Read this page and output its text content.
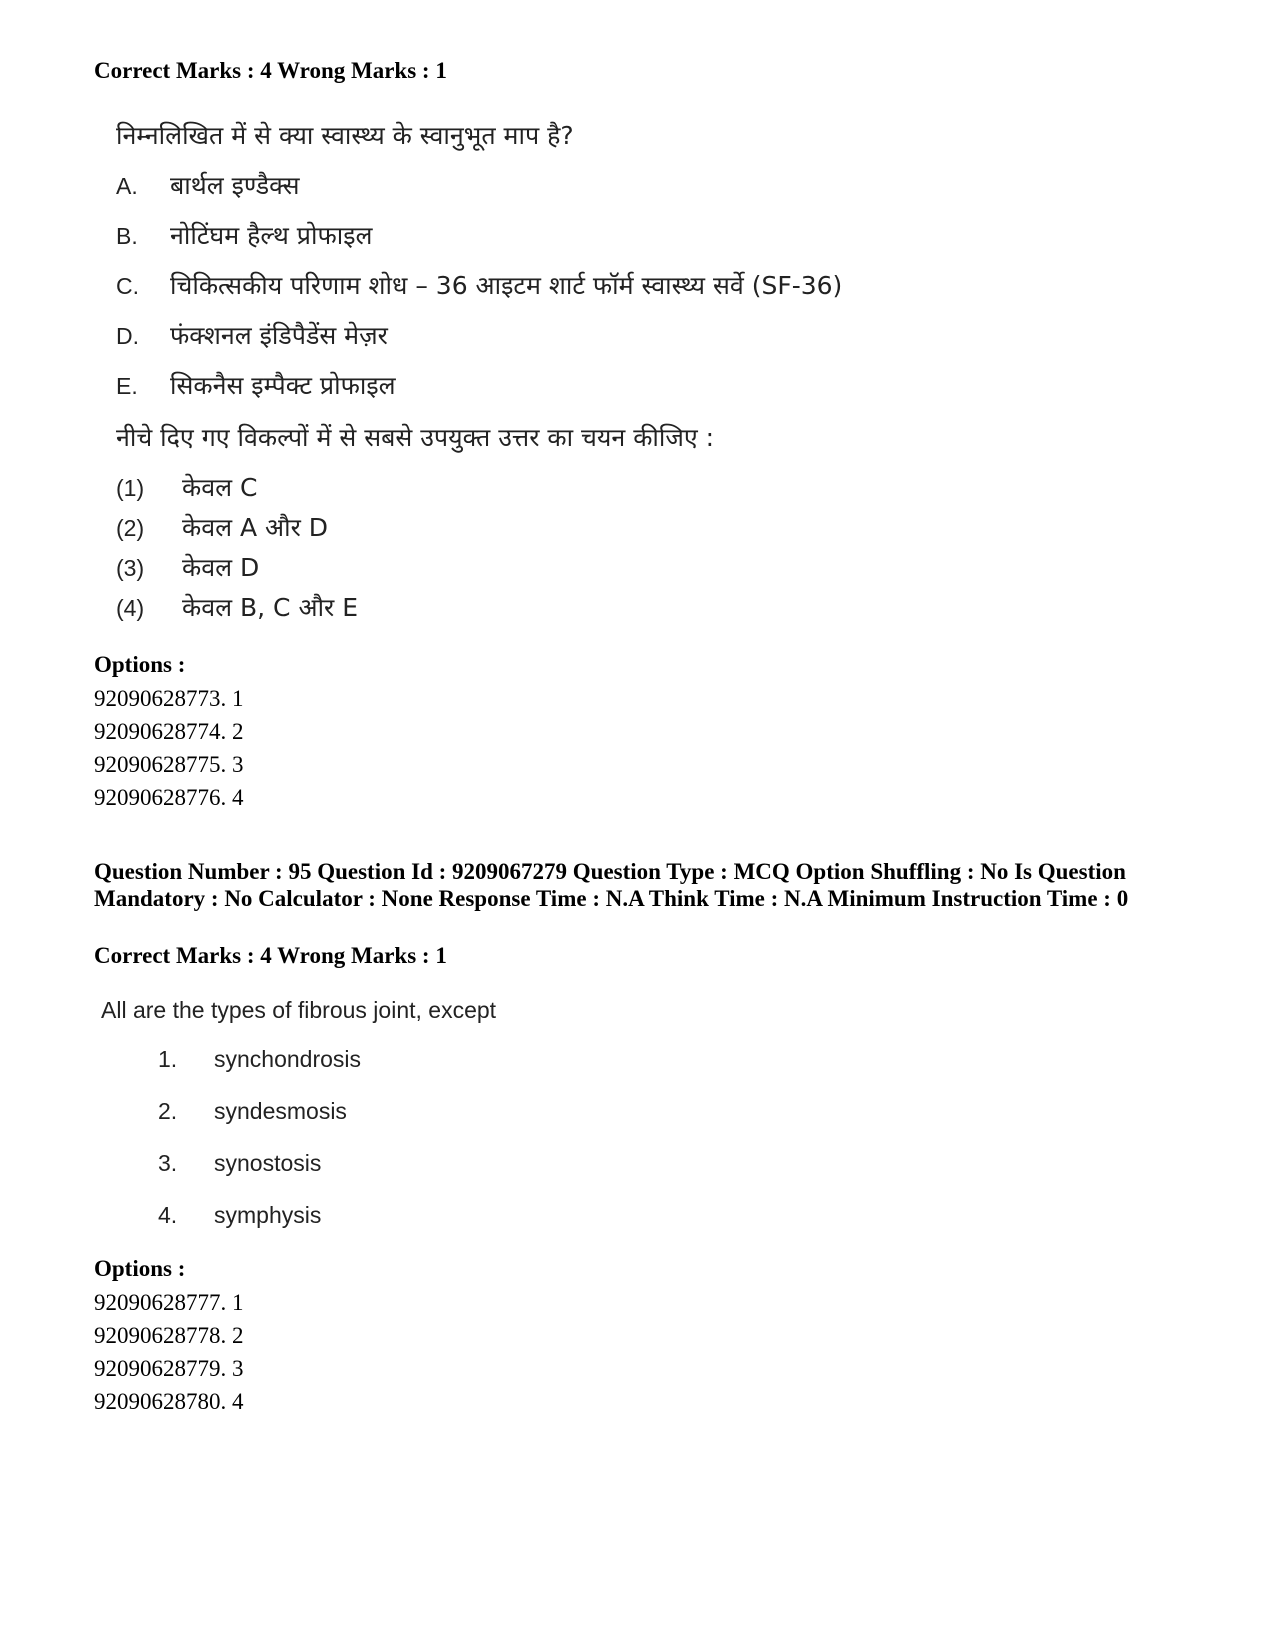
Correct Marks : 4 Wrong Marks : 1
निम्नलिखित में से क्या स्वास्थ्य के स्वानुभूत माप है?
A.	बार्थल इण्डैक्स
B.	नोटिंघम हैल्थ प्रोफाइल
C.	चिकित्सकीय परिणाम शोध – 36 आइटम शार्ट फॉर्म स्वास्थ्य सर्वे (SF-36)
D.	फंक्शनल इंडिपैडेंस मेज़र
E.	सिकनैस इम्पैक्ट प्रोफाइल
नीचे दिए गए विकल्पों में से सबसे उपयुक्त उत्तर का चयन कीजिए :
(1)	केवल C
(2)	केवल A और D
(3)	केवल D
(4)	केवल B, C और E
Options :
92090628773. 1
92090628774. 2
92090628775. 3
92090628776. 4
Question Number : 95 Question Id : 9209067279 Question Type : MCQ Option Shuffling : No Is Question Mandatory : No Calculator : None Response Time : N.A Think Time : N.A Minimum Instruction Time : 0
Correct Marks : 4 Wrong Marks : 1
All are the types of fibrous joint, except
1.	synchondrosis
2.	syndesmosis
3.	synostosis
4.	symphysis
Options :
92090628777. 1
92090628778. 2
92090628779. 3
92090628780. 4
